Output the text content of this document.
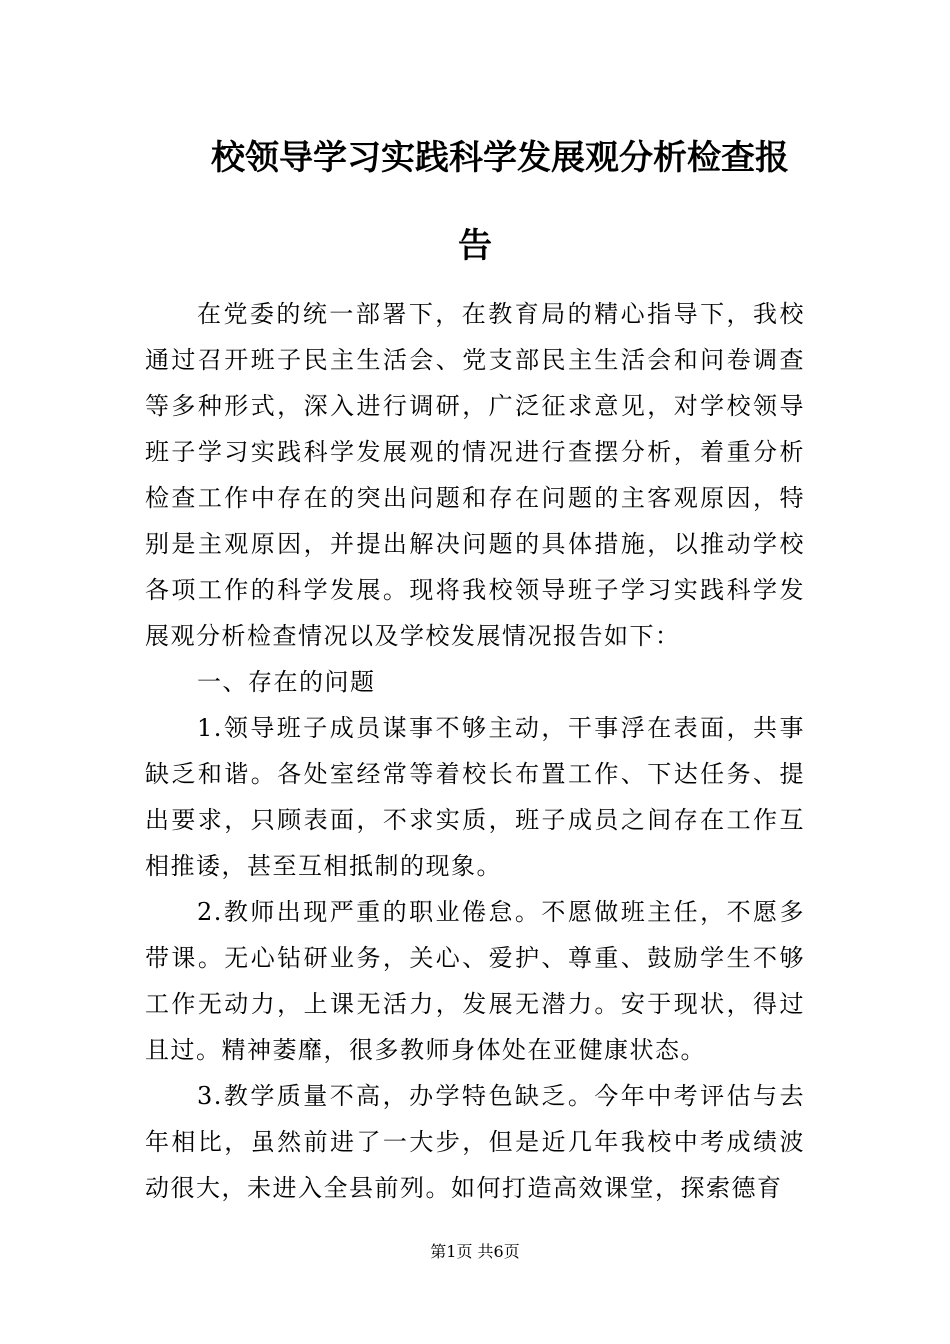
校领导学习实践科学发展观分析检查报
告

在党委的统一部署下，在教育局的精心指导下，我校通过召开班子民主生活会、党支部民主生活会和问卷调查等多种形式，深入进行调研，广泛征求意见，对学校领导班子学习实践科学发展观的情况进行查摆分析，着重分析检查工作中存在的突出问题和存在问题的主客观原因，特别是主观原因，并提出解决问题的具体措施，以推动学校各项工作的科学发展。现将我校领导班子学习实践科学发展观分析检查情况以及学校发展情况报告如下：

一、存在的问题

1.领导班子成员谋事不够主动，干事浮在表面，共事缺乏和谐。各处室经常等着校长布置工作、下达任务、提出要求，只顾表面，不求实质，班子成员之间存在工作互相推诿，甚至互相抵制的现象。

2.教师出现严重的职业倦怠。不愿做班主任，不愿多带课。无心钻研业务，关心、爱护、尊重、鼓励学生不够工作无动力，上课无活力，发展无潜力。安于现状，得过且过。精神萎靡，很多教师身体处在亚健康状态。

3.教学质量不高，办学特色缺乏。今年中考评估与去年相比，虽然前进了一大步，但是近几年我校中考成绩波动很大，未进入全县前列。如何打造高效课堂，探索德育

第1页 共6页
